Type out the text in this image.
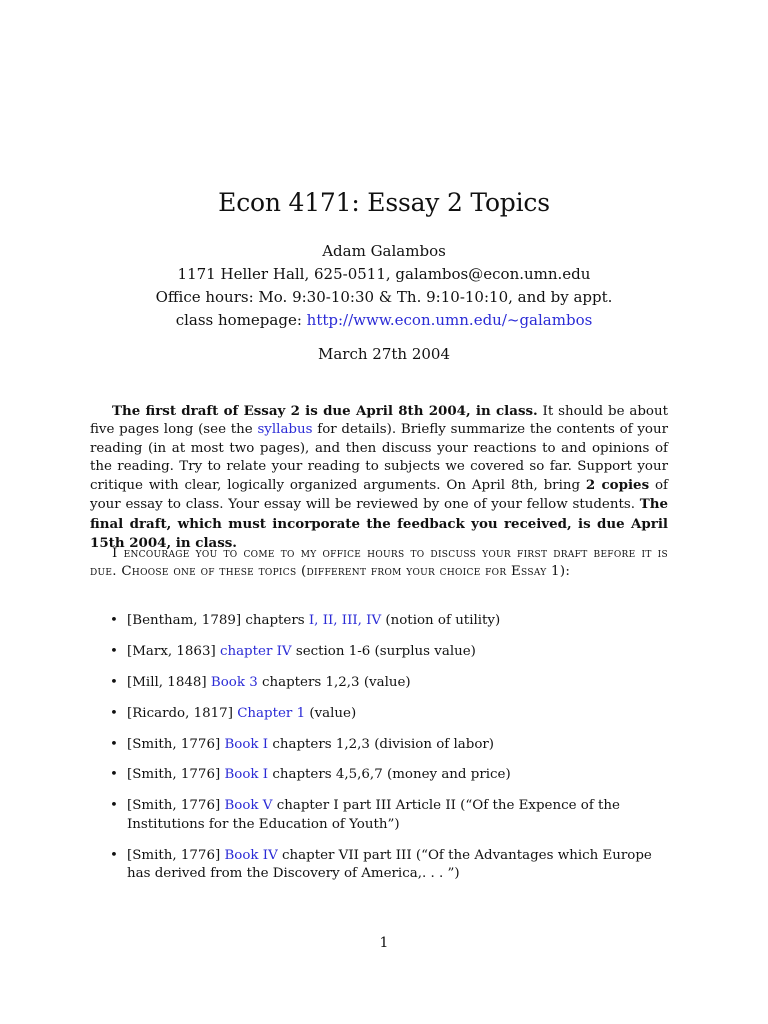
Econ 4171: Essay 2 Topics
Adam Galambos
1171 Heller Hall, 625-0511, galambos@econ.umn.edu
Office hours: Mo. 9:30-10:30 & Th. 9:10-10:10, and by appt.
class homepage: http://www.econ.umn.edu/~galambos
March 27th 2004
The first draft of Essay 2 is due April 8th 2004, in class. It should be about five pages long (see the syllabus for details). Briefly summarize the contents of your reading (in at most two pages), and then discuss your reactions to and opinions of the reading. Try to relate your reading to subjects we covered so far. Support your critique with clear, logically organized arguments. On April 8th, bring 2 copies of your essay to class. Your essay will be reviewed by one of your fellow students. The final draft, which must incorporate the feedback you received, is due April 15th 2004, in class.
I encourage you to come to my office hours to discuss your first draft before it is due. Choose one of these topics (different from your choice for Essay 1):
• [Bentham, 1789] chapters I, II, III, IV (notion of utility)
• [Marx, 1863] chapter IV section 1-6 (surplus value)
• [Mill, 1848] Book 3 chapters 1,2,3 (value)
• [Ricardo, 1817] Chapter 1 (value)
• [Smith, 1776] Book I chapters 1,2,3 (division of labor)
• [Smith, 1776] Book I chapters 4,5,6,7 (money and price)
• [Smith, 1776] Book V chapter I part III Article II (“Of the Expence of the Institutions for the Education of Youth”)
• [Smith, 1776] Book IV chapter VII part III (“Of the Advantages which Europe has derived from the Discovery of America,. . . ”)
1
